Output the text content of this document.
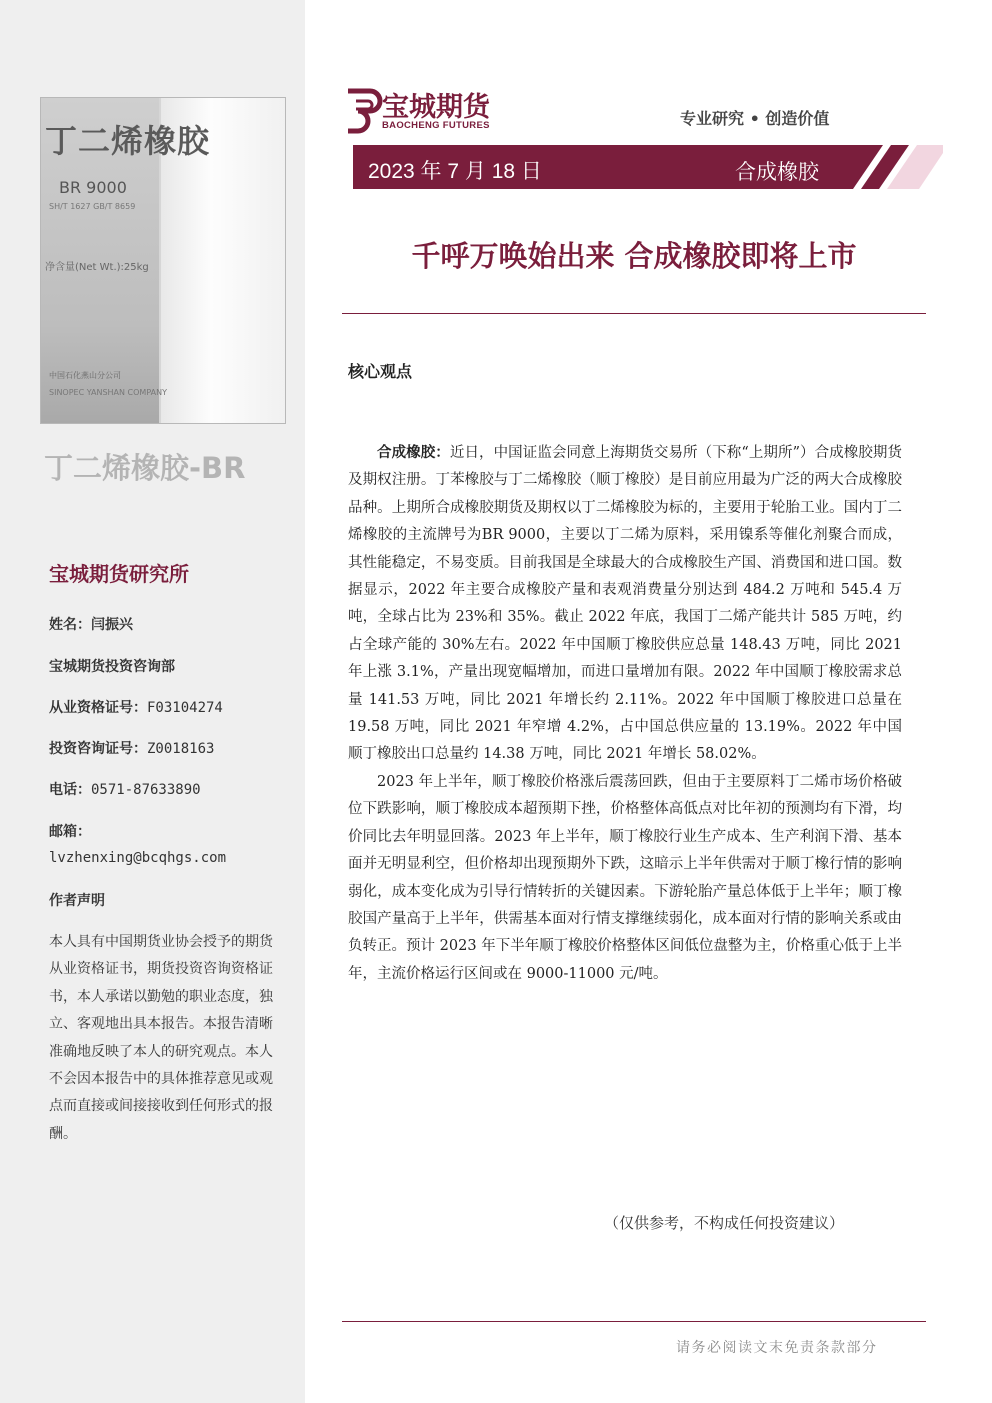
丁二烯橡胶
BR 9000
SH/T 1627 GB/T 8659
净含量(Net Wt.):25kg
中国石化燕山分公司
SINOPEC YANSHAN COMPANY
丁二烯橡胶-BR
宝城期货研究所
姓名：闫振兴
宝城期货投资咨询部
从业资格证号：F03104274
投资咨询证号：Z0018163
电话：0571-87633890
邮箱：
lvzhenxing@bcqhgs.com
作者声明
本人具有中国期货业协会授予的期货从业资格证书，期货投资咨询资格证书，本人承诺以勤勉的职业态度，独立、客观地出具本报告。本报告清晰准确地反映了本人的研究观点。本人不会因本报告中的具体推荐意见或观点而直接或间接接收到任何形式的报酬。
宝城期货
BAOCHENG FUTURES	专业研究 • 创造价值
2023 年 7 月 18 日	合成橡胶
千呼万唤始出来 合成橡胶即将上市
核心观点

合成橡胶：近日，中国证监会同意上海期货交易所（下称“上期所”）合成橡胶期货及期权注册。丁苯橡胶与丁二烯橡胶（顺丁橡胶）是目前应用最为广泛的两大合成橡胶品种。上期所合成橡胶期货及期权以丁二烯橡胶为标的，主要用于轮胎工业。国内丁二烯橡胶的主流牌号为BR 9000，主要以丁二烯为原料，采用镍系等催化剂聚合而成，其性能稳定，不易变质。目前我国是全球最大的合成橡胶生产国、消费国和进口国。数据显示，2022 年主要合成橡胶产量和表观消费量分别达到 484.2 万吨和 545.4 万吨，全球占比为 23%和 35%。截止 2022 年底，我国丁二烯产能共计 585 万吨，约占全球产能的 30%左右。2022 年中国顺丁橡胶供应总量 148.43 万吨，同比 2021 年上涨 3.1%，产量出现宽幅增加，而进口量增加有限。2022 年中国顺丁橡胶需求总量 141.53 万吨，同比 2021 年增长约 2.11%。2022 年中国顺丁橡胶进口总量在 19.58 万吨，同比 2021 年窄增 4.2%，占中国总供应量的 13.19%。2022 年中国顺丁橡胶出口总量约 14.38 万吨，同比 2021 年增长 58.02%。

2023 年上半年，顺丁橡胶价格涨后震荡回跌，但由于主要原料丁二烯市场价格破位下跌影响，顺丁橡胶成本超预期下挫，价格整体高低点对比年初的预测均有下滑，均价同比去年明显回落。2023 年上半年，顺丁橡胶行业生产成本、生产利润下滑、基本面并无明显利空，但价格却出现预期外下跌，这暗示上半年供需对于顺丁橡行情的影响弱化，成本变化成为引导行情转折的关键因素。下游轮胎产量总体低于上半年；顺丁橡胶国产量高于上半年，供需基本面对行情支撑继续弱化，成本面对行情的影响关系或由负转正。预计 2023 年下半年顺丁橡胶价格整体区间低位盘整为主，价格重心低于上半年，主流价格运行区间或在 9000-11000 元/吨。

（仅供参考，不构成任何投资建议）
请务必阅读文末免责条款部分
